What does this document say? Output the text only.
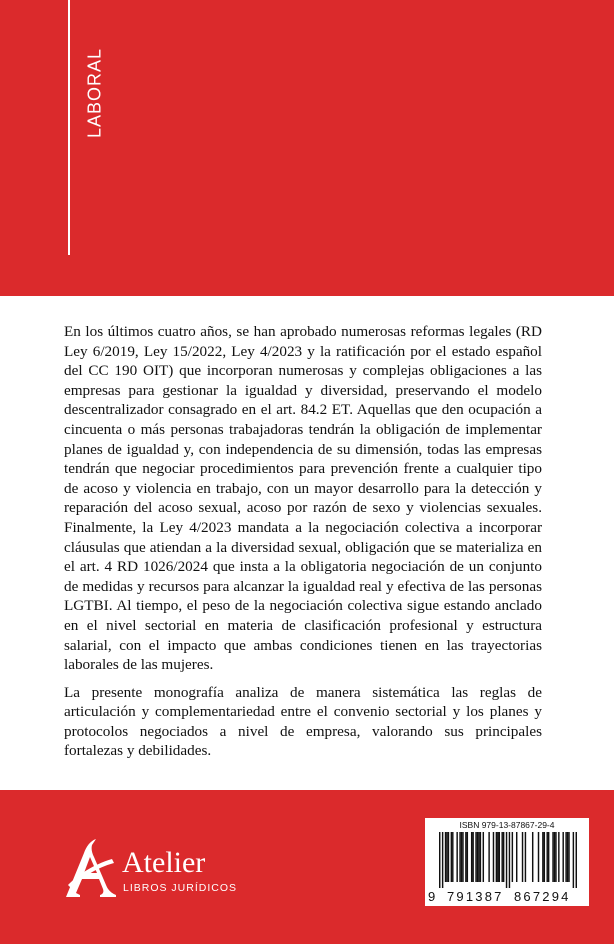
LABORAL

En los últimos cuatro años, se han aprobado numerosas reformas legales (RD Ley 6/2019, Ley 15/2022, Ley 4/2023 y la ratificación por el estado español del CC 190 OIT) que incorporan numerosas y complejas obligaciones a las empresas para gestionar la igualdad y diversidad, preservando el modelo descentralizador consagrado en el art. 84.2 ET. Aquellas que den ocupación a cincuenta o más personas trabajadoras tendrán la obligación de implementar planes de igualdad y, con independencia de su dimensión, todas las empresas tendrán que negociar procedimientos para prevención frente a cualquier tipo de acoso y violencia en trabajo, con un mayor desarrollo para la detección y reparación del acoso sexual, acoso por razón de sexo y violencias sexuales. Finalmente, la Ley 4/2023 mandata a la negociación colectiva a incorporar cláusulas que atiendan a la diversidad sexual, obligación que se materializa en el art. 4 RD 1026/2024 que insta a la obligatoria negociación de un conjunto de medidas y recursos para alcanzar la igualdad real y efectiva de las personas LGTBI. Al tiempo, el peso de la negociación colectiva sigue estando anclado en el nivel sectorial en materia de clasificación profesional y estructura salarial, con el impacto que ambas condiciones tienen en las trayectorias laborales de las mujeres.

La presente monografía analiza de manera sistemática las reglas de articulación y complementariedad entre el convenio sectorial y los planes y protocolos negociados a nivel de empresa, valorando sus principales fortalezas y debilidades.

Atelier
LIBROS JURÍDICOS
ISBN 979-13-87867-29-4
9 791387 867294
